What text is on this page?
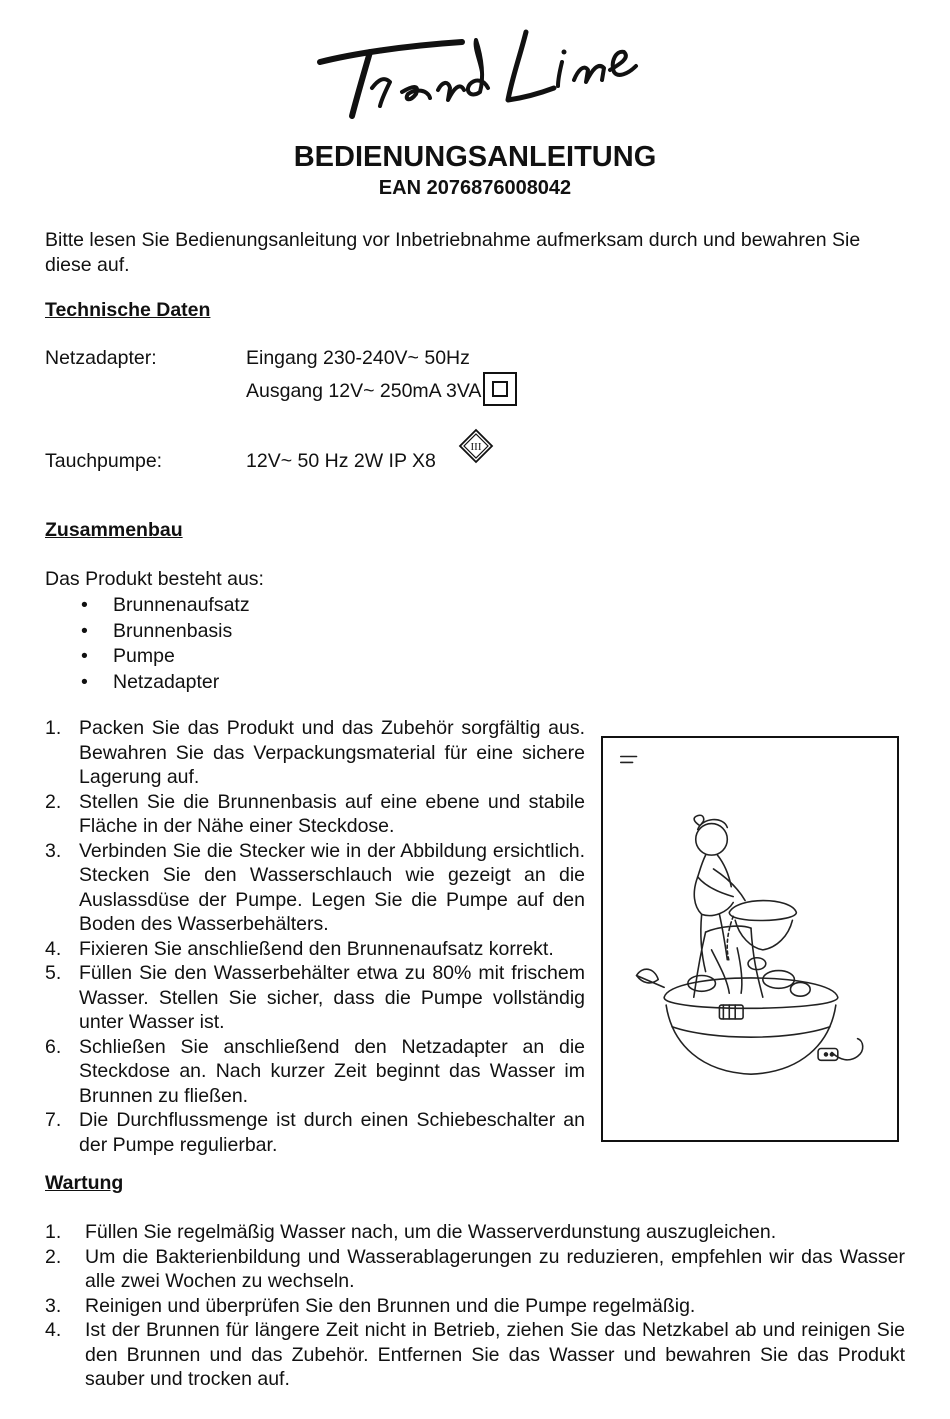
BEDIENUNGSANLEITUNG
EAN 2076876008042
Bitte lesen Sie Bedienungsanleitung vor Inbetriebnahme aufmerksam durch und bewahren Sie diese auf.
Technische Daten
Netzadapter:	Eingang 230-240V~ 50Hz
Ausgang 12V~ 250mA 3VA
Tauchpumpe:	12V~ 50 Hz 2W IP X8
III
Zusammenbau
Das Produkt besteht aus:
• Brunnenaufsatz
• Brunnenbasis
• Pumpe
• Netzadapter
1. Packen Sie das Produkt und das Zubehör sorgfältig aus. Bewahren Sie das Verpackungsmaterial für eine sichere Lagerung auf.
2. Stellen Sie die Brunnenbasis auf eine ebene und stabile Fläche in der Nähe einer Steckdose.
3. Verbinden Sie die Stecker wie in der Abbildung ersichtlich. Stecken Sie den Wasserschlauch wie gezeigt an die Auslassdüse der Pumpe. Legen Sie die Pumpe auf den Boden des Wasserbehälters.
4. Fixieren Sie anschließend den Brunnenaufsatz korrekt.
5. Füllen Sie den Wasserbehälter etwa zu 80% mit frischem Wasser. Stellen Sie sicher, dass die Pumpe vollständig unter Wasser ist.
6. Schließen Sie anschließend den Netzadapter an die Steckdose an. Nach kurzer Zeit beginnt das Wasser im Brunnen zu fließen.
7. Die Durchflussmenge ist durch einen Schiebeschalter an der Pumpe regulierbar.
Wartung
1. Füllen Sie regelmäßig Wasser nach, um die Wasserverdunstung auszugleichen.
2. Um die Bakterienbildung und Wasserablagerungen zu reduzieren, empfehlen wir das Wasser alle zwei Wochen zu wechseln.
3. Reinigen und überprüfen Sie den Brunnen und die Pumpe regelmäßig.
4. Ist der Brunnen für längere Zeit nicht in Betrieb, ziehen Sie das Netzkabel ab und reinigen Sie den Brunnen und das Zubehör. Entfernen Sie das Wasser und bewahren Sie das Produkt sauber und trocken auf.
